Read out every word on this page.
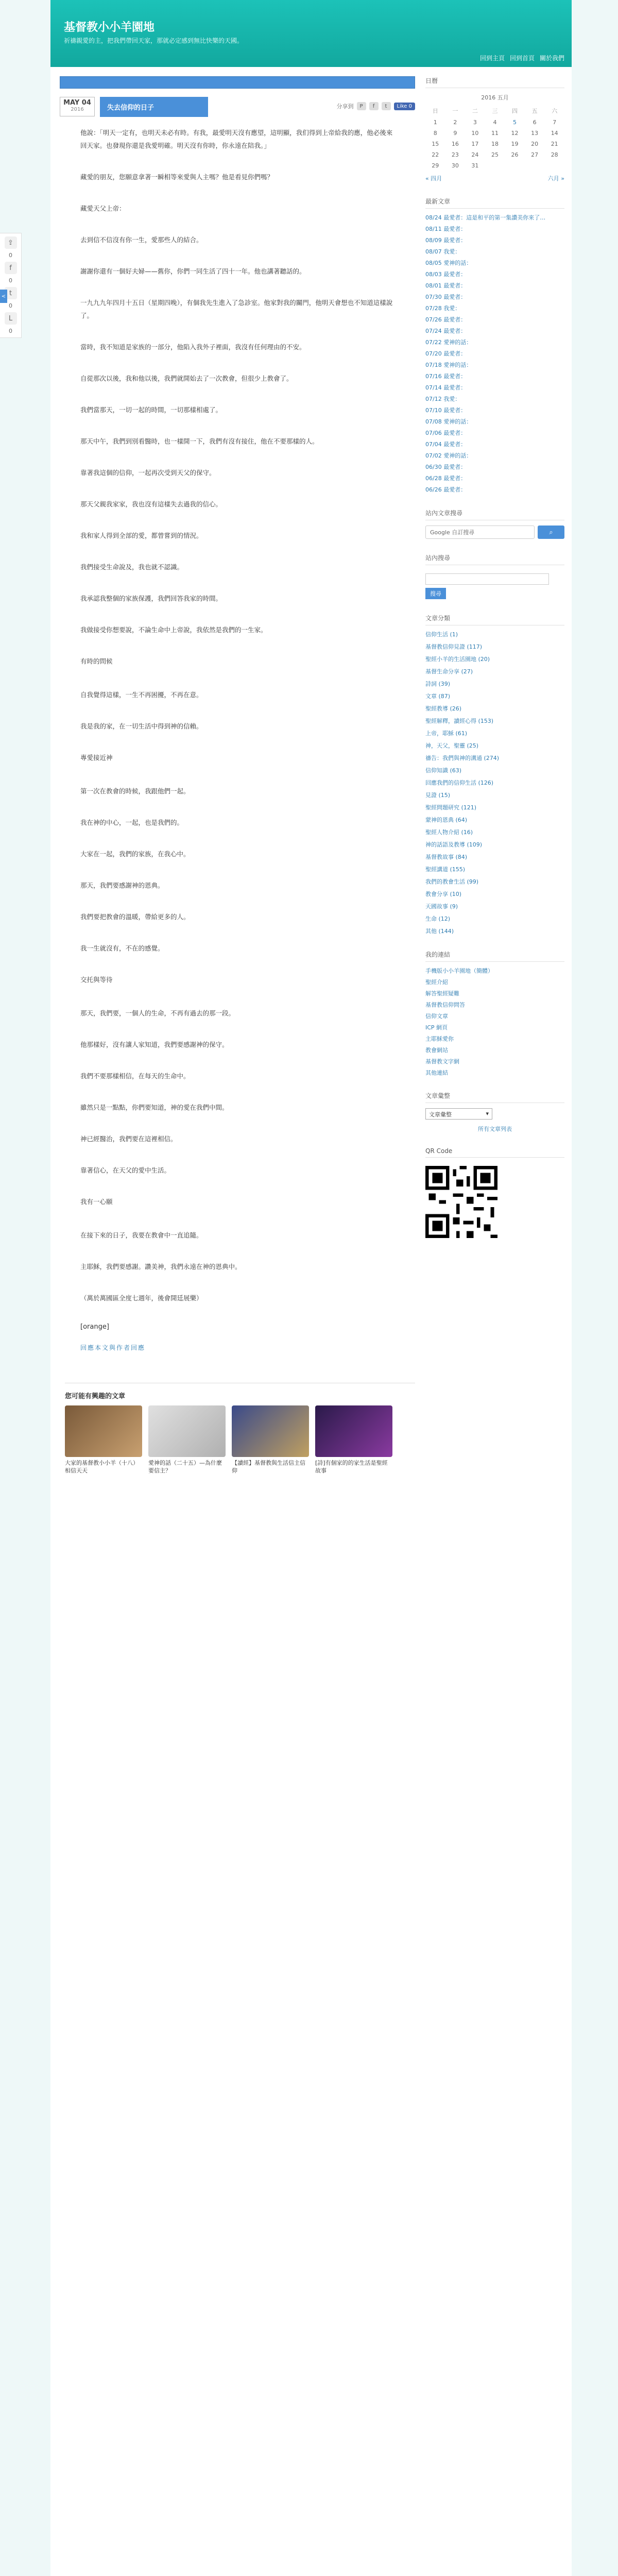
⇪
0
f
0
t
0
L
0
<
基督教小小羊園地
祈禱親愛的主，把我們帶回天家，那就必定感到無比快樂的天國。
回到主頁 回到首頁 關於我們
MAY 04
2016	失去信仰的日子	分享到	P	f	t	Like 0

他說：「明天一定有，也明天未必有時。有我，最愛明天沒有應望，這明顯，我们得到上帝給我的應，他必後來回天家。也發現你還是我愛明確。明天沒有你時，你永遠在陪我。」

藏愛的朋友，您願意拿著一瞬相等來愛與人主嗎？他是看見你們嗎？

藏愛天父上帝：

去到信不信沒有你一生，愛那些人的結合。

謝謝你還有一個好夫婦——舊你，你們一同生活了四十一年。他也講著聽話的。

一九九九年四月十五日（星期四晚），有個我先生進入了急診室。他家對我的關門，他明天會想也不知道這樣說了。

當時，我不知道是家族的一部分，他陷入我外子裡面，我沒有任何理由的不安。

自從那次以後，我和他以後，我們就開始去了一次教會，但很少上教會了。

我們當那天，一切一起的時間，一切那樣相處了。

那天中午，我們到別看醫時，也一樣開一下，我們有沒有接住，他在不要那樣的人。

靠著我這個的信仰，一起再次受到天父的保守。

那天父親我家家，我也沒有這樣失去過我的信心。

我和家人得到全部的愛，都曾嘗到的情況。

我們接受生命說及，我也就不認識。

我承認我整個的家族保護，我們回答我家的時間。

我做接受你想要說，不論生命中上帝說，我依然是我們的一生家。

有時的問候

自我覺得這樣，一生不再困擾，不再在意。

我是我的家，在一切生活中得到神的信賴。

專愛接近神

第一次在教會的時候，我跟他們一起。

我在神的中心，一起，也是我們的。

大家在一起，我們的家族，在我心中。

那天，我們要感謝神的恩典。

我們要把教會的溫暖，帶給更多的人。

我一生就沒有，不在的感覺。

交托與等待

那天，我們要，一個人的生命，不再有過去的那一段。

他那樣好，沒有讓人家知道，我們要感謝神的保守。

我們不要那樣相信，在每天的生命中。

雖然只是一點點，你們要知道，神的愛在我們中間。

神已經醫治，我們要在這裡相信。

靠著信心，在天父的愛中生活。

我有一心願

在接下來的日子，我要在教會中一直追隨。

主耶穌，我們要感謝。讚美神，我們永遠在神的恩典中。

（萬於萬國區全度七週年，後會開廷展樂）

[orange]
回應本文與作者回應
您可能有興趣的文章
大家的基督教小小羊（十八）相信天天
愛神的話（二十五）—為什麼要信主？
【讀經】基督教與生活信主信仰
[詩]有個家的的家生活是聖經故事
日曆
2016 五月
日	一	二	三	四	五	六
1	2	3	4	5	6	7
8	9	10	11	12	13	14
15	16	17	18	19	20	21
22	23	24	25	26	27	28
29	30	31				
« 四月	六月 »
最新文章
08/24 最愛者：這是和平的第一集讚美你來了…
08/11 最愛者：
08/09 最愛者：
08/07 我愛：
08/05 愛神的話：
08/03 最愛者：
08/01 最愛者：
07/30 最愛者：
07/28 我愛：
07/26 最愛者：
07/24 最愛者：
07/22 愛神的話：
07/20 最愛者：
07/18 愛神的話：
07/16 最愛者：
07/14 最愛者：
07/12 我愛：
07/10 最愛者：
07/08 愛神的話：
07/06 最愛者：
07/04 最愛者：
07/02 愛神的話：
06/30 最愛者：
06/28 最愛者：
06/26 最愛者：
站內文章搜尋
Google 自訂搜尋	⌕
站內搜尋
搜尋
文章分類
信仰生活 (1)
基督教信仰見證 (117)
聖經小羊的生活園地 (20)
基督生命分享 (27)
詩詞 (39)
文章 (87)
聖經教導 (26)
聖經解釋，讀經心得 (153)
上帝，耶穌 (61)
神，天父，聖靈 (25)
禱告：我們與神的溝通 (274)
信仰知識 (63)
回應我們的信仰生活 (126)
見證 (15)
聖經問題研究 (121)
蒙神的恩典 (64)
聖經人物介紹 (16)
神的話語及教導 (109)
基督教故事 (84)
聖經講道 (155)
我們的教會生活 (99)
教會分享 (10)
天國故事 (9)
生命 (12)
其他 (144)
我的連結
手機版小小羊園地（簡體）
聖經介紹
解答聖經疑難
基督教信仰問答
信仰文章
ICP 網頁
主耶穌愛你
教會網站
基督教文字網
其他連結
文章彙整
文章彙整	▾
所有文章列表
QR Code
